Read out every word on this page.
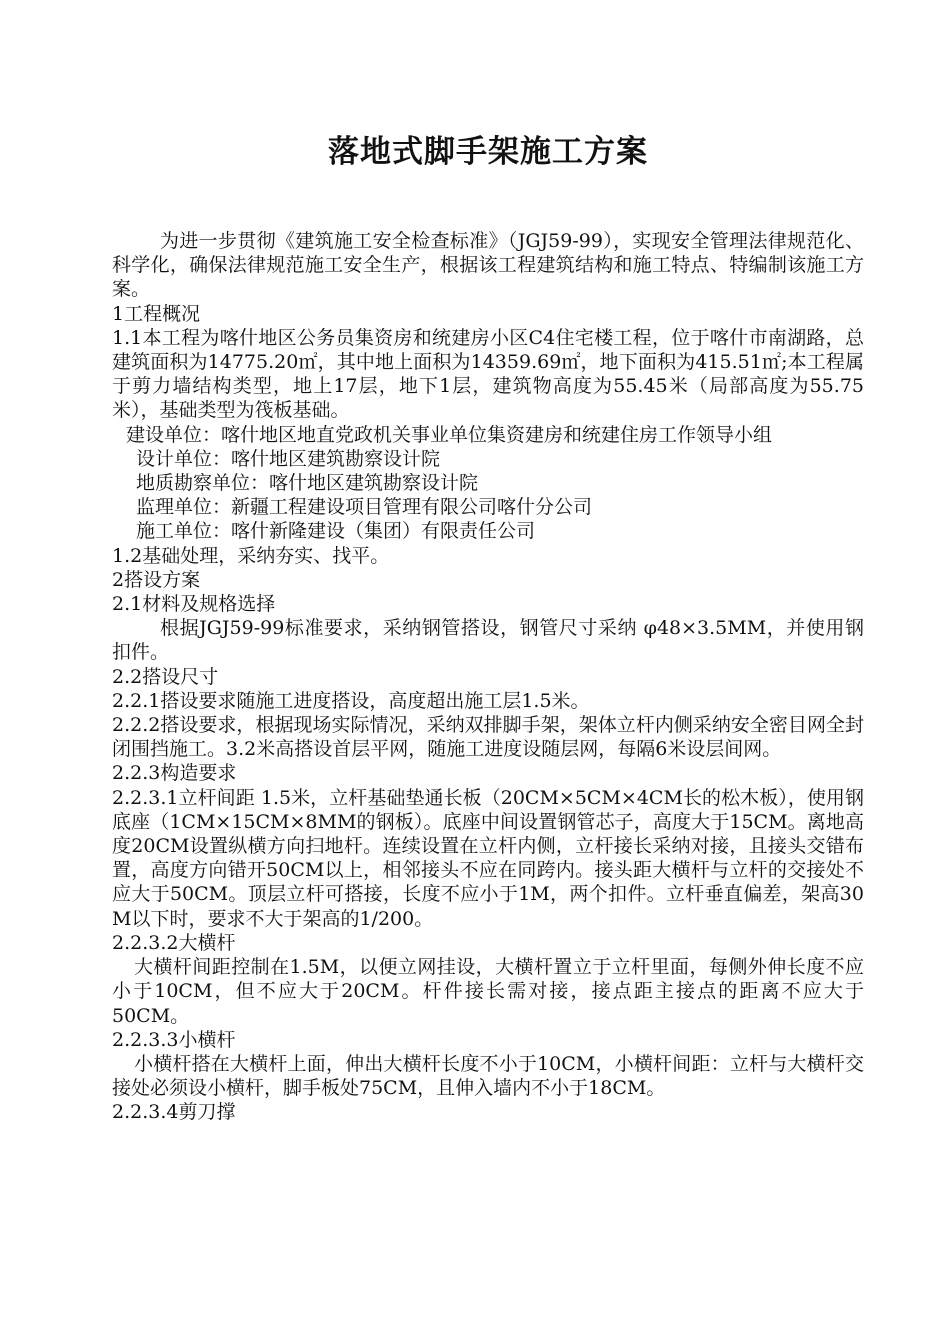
落地式脚手架施工方案

为进一步贯彻《建筑施工安全检查标准》（JGJ59-99），实现安全管理法律规范化、科学化，确保法律规范施工安全生产，根据该工程建筑结构和施工特点、特编制该施工方案。

1工程概况

1.1本工程为喀什地区公务员集资房和统建房小区C4住宅楼工程，位于喀什市南湖路，总建筑面积为14775.20㎡，其中地上面积为14359.69㎡，地下面积为415.51㎡;本工程属于剪力墙结构类型，地上17层，地下1层，建筑物高度为55.45米（局部高度为55.75米），基础类型为筏板基础。

建设单位：喀什地区地直党政机关事业单位集资建房和统建住房工作领导小组

设计单位：喀什地区建筑勘察设计院

地质勘察单位：喀什地区建筑勘察设计院

监理单位：新疆工程建设项目管理有限公司喀什分公司

施工单位：喀什新隆建设（集团）有限责任公司

1.2基础处理，采纳夯实、找平。

2搭设方案

2.1材料及规格选择

根据JGJ59-99标准要求，采纳钢管搭设，钢管尺寸采纳 φ48×3.5MM，并使用钢扣件。

2.2搭设尺寸

2.2.1搭设要求随施工进度搭设，高度超出施工层1.5米。

2.2.2搭设要求，根据现场实际情况，采纳双排脚手架，架体立杆内侧采纳安全密目网全封闭围挡施工。3.2米高搭设首层平网，随施工进度设随层网，每隔6米设层间网。

2.2.3构造要求

2.2.3.1立杆间距 1.5米，立杆基础垫通长板（20CM×5CM×4CM长的松木板），使用钢底座（1CM×15CM×8MM的钢板）。底座中间设置钢管芯子，高度大于15CM。离地高度20CM设置纵横方向扫地杆。连续设置在立杆内侧，立杆接长采纳对接，且接头交错布置，高度方向错开50CM以上，相邻接头不应在同跨内。接头距大横杆与立杆的交接处不应大于50CM。顶层立杆可搭接，长度不应小于1M，两个扣件。立杆垂直偏差，架高30 M以下时，要求不大于架高的1/200。

2.2.3.2大横杆

大横杆间距控制在1.5M，以便立网挂设，大横杆置立于立杆里面，每侧外伸长度不应小于10CM，但不应大于20CM。杆件接长需对接，接点距主接点的距离不应大于50CM。

2.2.3.3小横杆

小横杆搭在大横杆上面，伸出大横杆长度不小于10CM，小横杆间距：立杆与大横杆交接处必须设小横杆，脚手板处75CM，且伸入墙内不小于18CM。

2.2.3.4剪刀撑
